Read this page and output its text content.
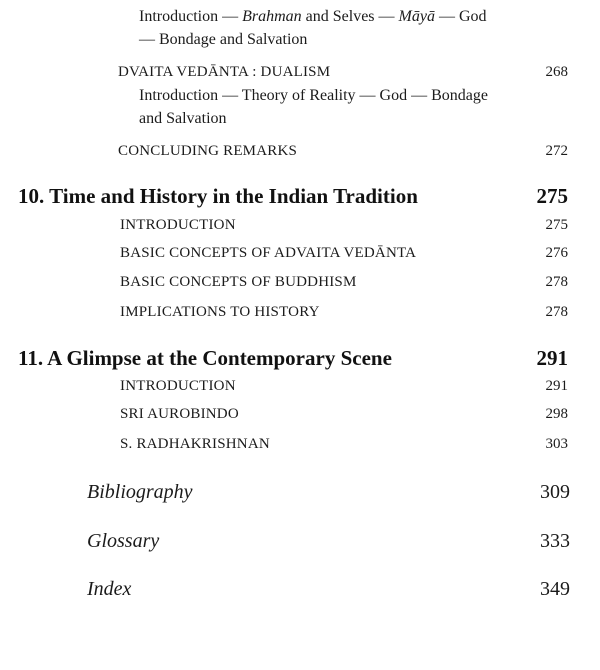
Introduction — Brahman and Selves — Māyā — God
— Bondage and Salvation
DVAITA VEDĀNTA : DUALISM	268
Introduction — Theory of Reality — God — Bondage
and Salvation
CONCLUDING REMARKS	272
10. Time and History in the Indian Tradition	275
INTRODUCTION	275
BASIC CONCEPTS OF ADVAITA VEDĀNTA	276
BASIC CONCEPTS OF BUDDHISM	278
IMPLICATIONS TO HISTORY	278
11. A Glimpse at the Contemporary Scene	291
INTRODUCTION	291
SRI AUROBINDO	298
S. RADHAKRISHNAN	303
Bibliography	309
Glossary	333
Index	349
